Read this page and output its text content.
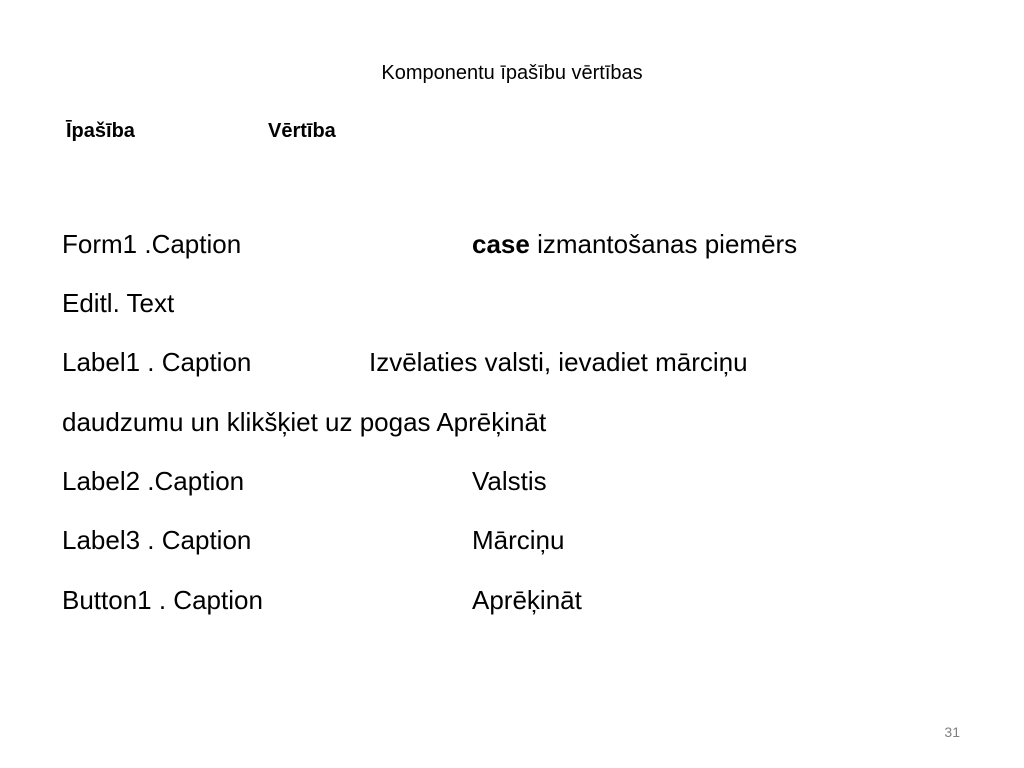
Komponentu īpašību vērtības
Īpašība	Vērtība
Form1 .Caption	case izmantošanas piemērs
Editl. Text
Label1 . Caption	Izvēlaties valsti, ievadiet mārciņu
daudzumu un klikšķiet uz pogas Aprēķināt
Label2 .Caption	Valstis
Label3 . Caption	Mārciņu
Button1 . Caption	Aprēķināt
31
